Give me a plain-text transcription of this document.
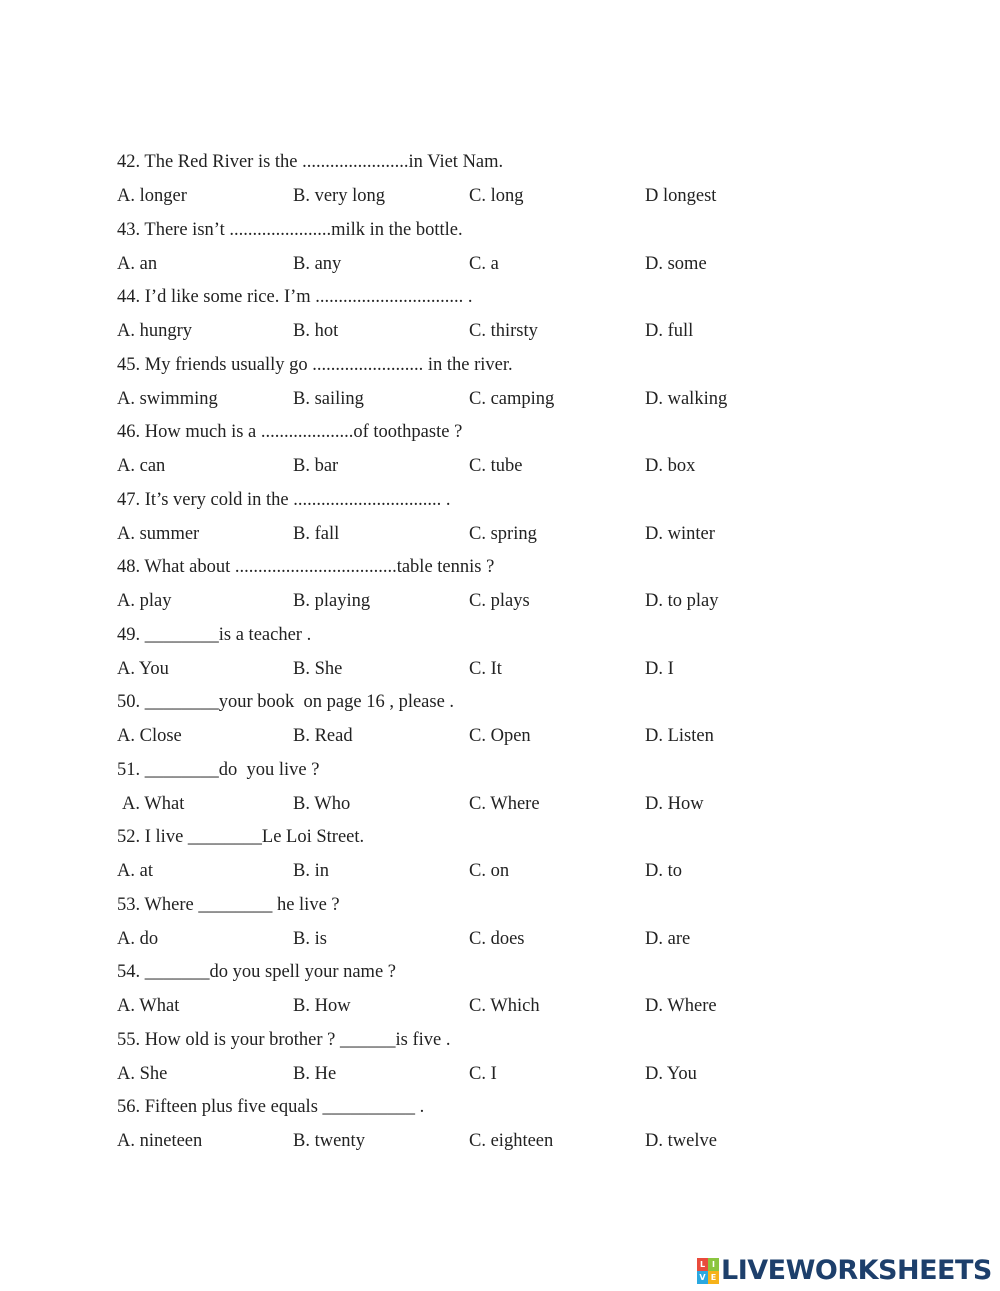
42. The Red River is the .......................in Viet Nam.
A. longer	B. very long	C. long	D longest
43. There isn’t ......................milk in the bottle.
A. an	B. any	C. a	D. some
44. I’d like some rice. I’m ................................ .
A. hungry	B. hot	C. thirsty	D. full
45. My friends usually go ........................ in the river.
A. swimming	B. sailing	C. camping	D. walking
46. How much is a ....................of toothpaste ?
A. can	B. bar	C. tube	D. box
47. It’s very cold in the ................................ .
A. summer	B. fall	C. spring	D. winter
48. What about ...................................table tennis ?
A. play	B. playing	C. plays	D. to play
49. ________is a teacher .
A. You	B. She	C. It	D. I
50. ________your book  on page 16 , please .
A. Close	B. Read	C. Open	D. Listen
51. ________do  you live ?
A. What	B. Who	C. Where	D. How
52. I live ________Le Loi Street.
A. at	B. in	C. on	D. to
53. Where ________ he live ?
A. do	B. is	C. does	D. are
54. _______do you spell your name ?
A. What	B. How	C. Which	D. Where
55. How old is your brother ? ______is five .
A. She	B. He	C. I	D. You
56. Fifteen plus five equals __________ .
A. nineteen	B. twenty	C. eighteen	D. twelve
L I
V E LIVEWORKSHEETS
